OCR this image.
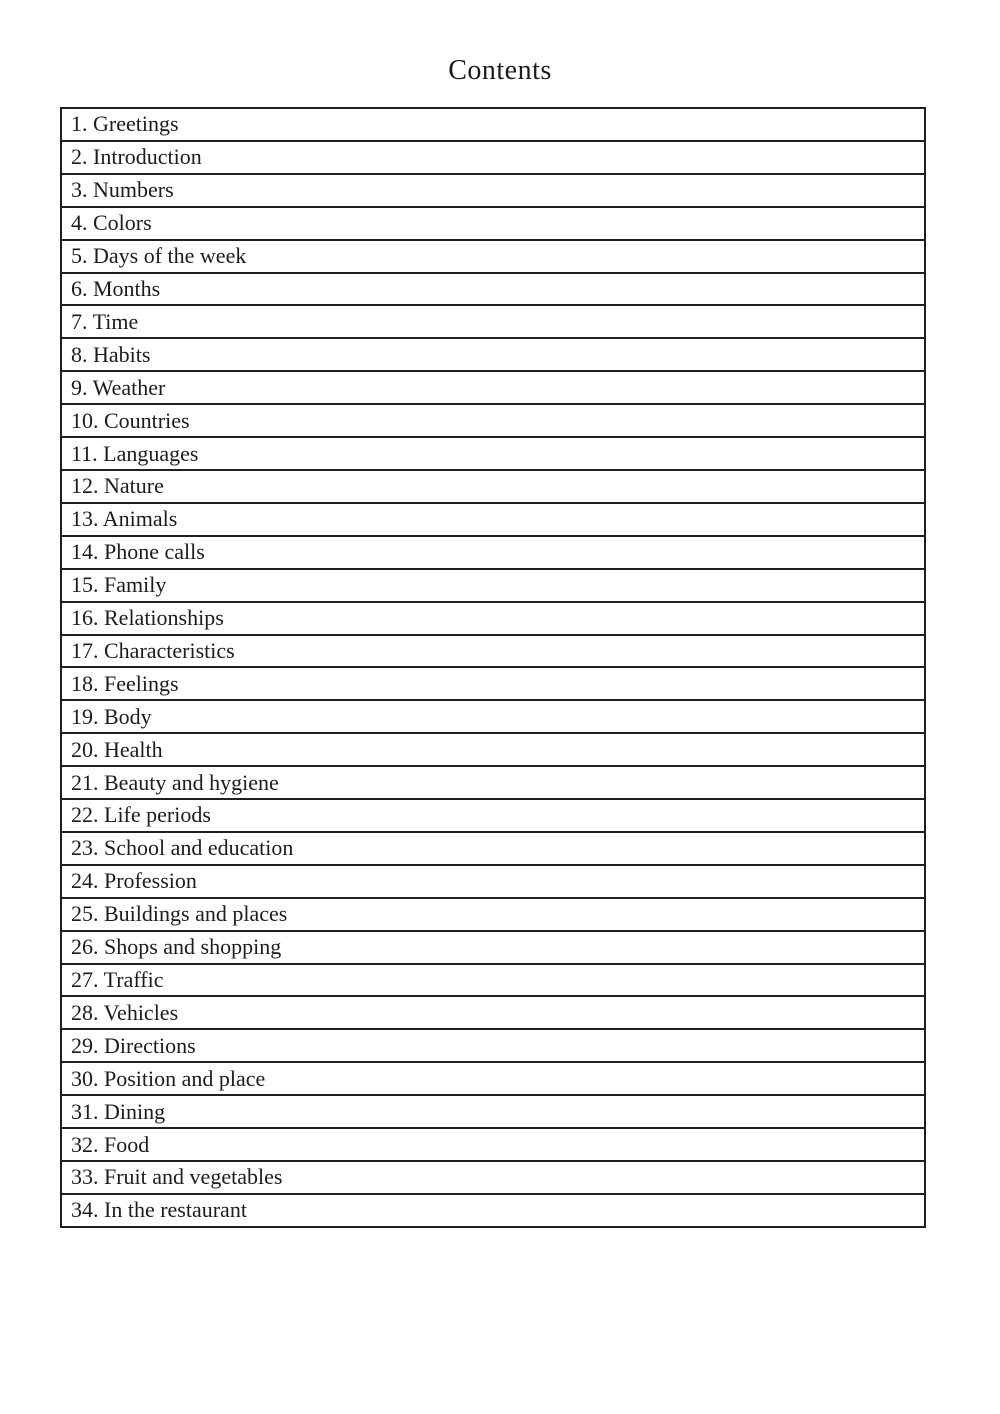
Contents
1. Greetings
2. Introduction
3. Numbers
4. Colors
5. Days of the week
6. Months
7. Time
8. Habits
9. Weather
10. Countries
11. Languages
12. Nature
13. Animals
14. Phone calls
15. Family
16. Relationships
17. Characteristics
18. Feelings
19. Body
20. Health
21. Beauty and hygiene
22. Life periods
23. School and education
24. Profession
25. Buildings and places
26. Shops and shopping
27. Traffic
28. Vehicles
29. Directions
30. Position and place
31. Dining
32. Food
33. Fruit and vegetables
34. In the restaurant
